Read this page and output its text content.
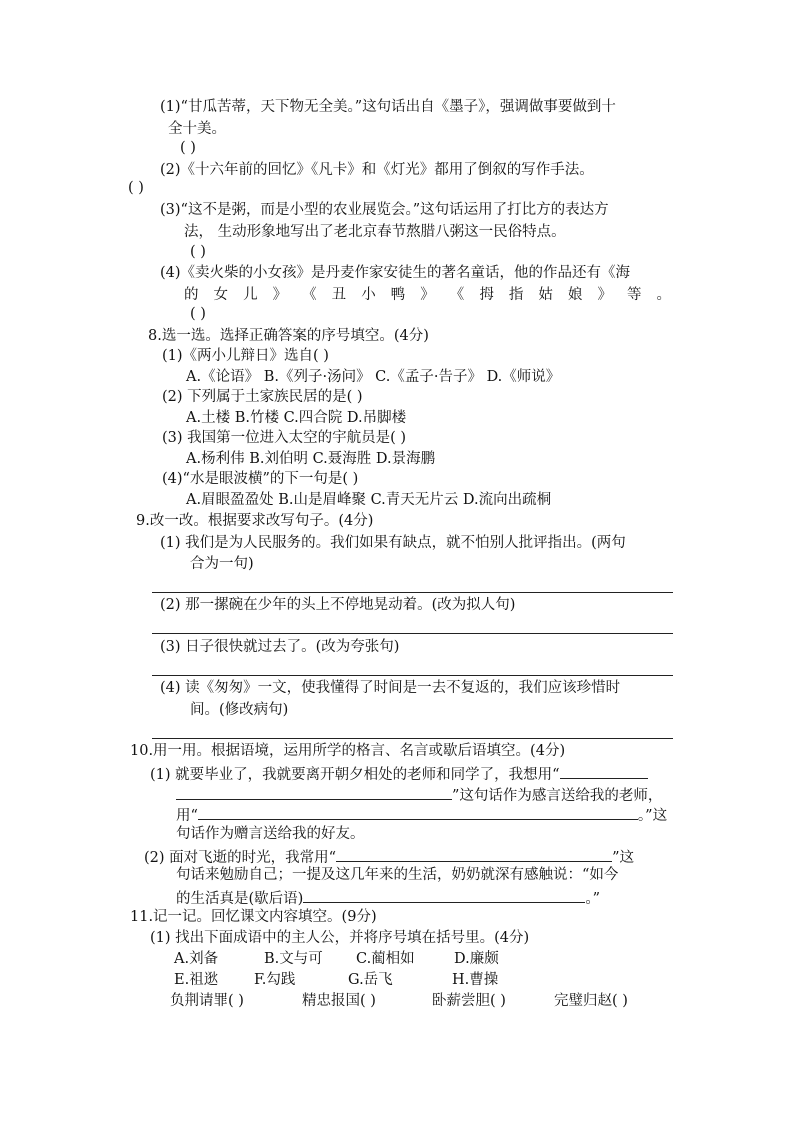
(1)“甘瓜苦蒂，天下物无全美。”这句话出自《墨子》，强调做事要做到十
全十美。
( )
(2)《十六年前的回忆》《凡卡》和《灯光》都用了倒叙的写作手法。
( )
(3)“这不是粥，而是小型的农业展览会。”这句话运用了打比方的表达方
法， 生动形象地写出了老北京春节熬腊八粥这一民俗特点。
( )
(4)《卖火柴的小女孩》是丹麦作家安徒生的著名童话，他的作品还有《海
的 女 儿 》 《 丑 小 鸭 》 《 拇 指 姑 娘 》 等 。
( )
8.选一选。选择正确答案的序号填空。(4分)
(1)《两小儿辩日》选自( )
A.《论语》 B.《列子·汤问》 C.《孟子·告子》 D.《师说》
(2) 下列属于土家族民居的是( )
A.土楼 B.竹楼 C.四合院 D.吊脚楼
(3) 我国第一位进入太空的宇航员是( )
A.杨利伟 B.刘伯明 C.聂海胜 D.景海鹏
(4)“水是眼波横”的下一句是( )
A.眉眼盈盈处 B.山是眉峰聚 C.青天无片云 D.流向出疏桐
9.改一改。根据要求改写句子。(4分)
(1) 我们是为人民服务的。我们如果有缺点，就不怕别人批评指出。(两句
合为一句)
(2) 那一摞碗在少年的头上不停地晃动着。(改为拟人句)
(3) 日子很快就过去了。(改为夸张句)
(4) 读《匆匆》一文，使我懂得了时间是一去不复返的，我们应该珍惜时
间。(修改病句)
10.用一用。根据语境，运用所学的格言、名言或歇后语填空。(4分)
(1) 就要毕业了，我就要离开朝夕相处的老师和同学了，我想用“
”这句话作为感言送给我的老师，
用“	。”这
句话作为赠言送给我的好友。
(2) 面对飞逝的时光，我常用“	”这
句话来勉励自己；一提及这几年来的生活，奶奶就深有感触说：“如今
的生活真是(歇后语)	。”
11.记一记。回忆课文内容填空。(9分)
(1) 找出下面成语中的主人公，并将序号填在括号里。(4分)
A.刘备	B.文与可	C.蔺相如	D.廉颇
E.祖逖	F.勾践	G.岳飞	H.曹操
负荆请罪( )	精忠报国( )	卧薪尝胆( )	完璧归赵( )
